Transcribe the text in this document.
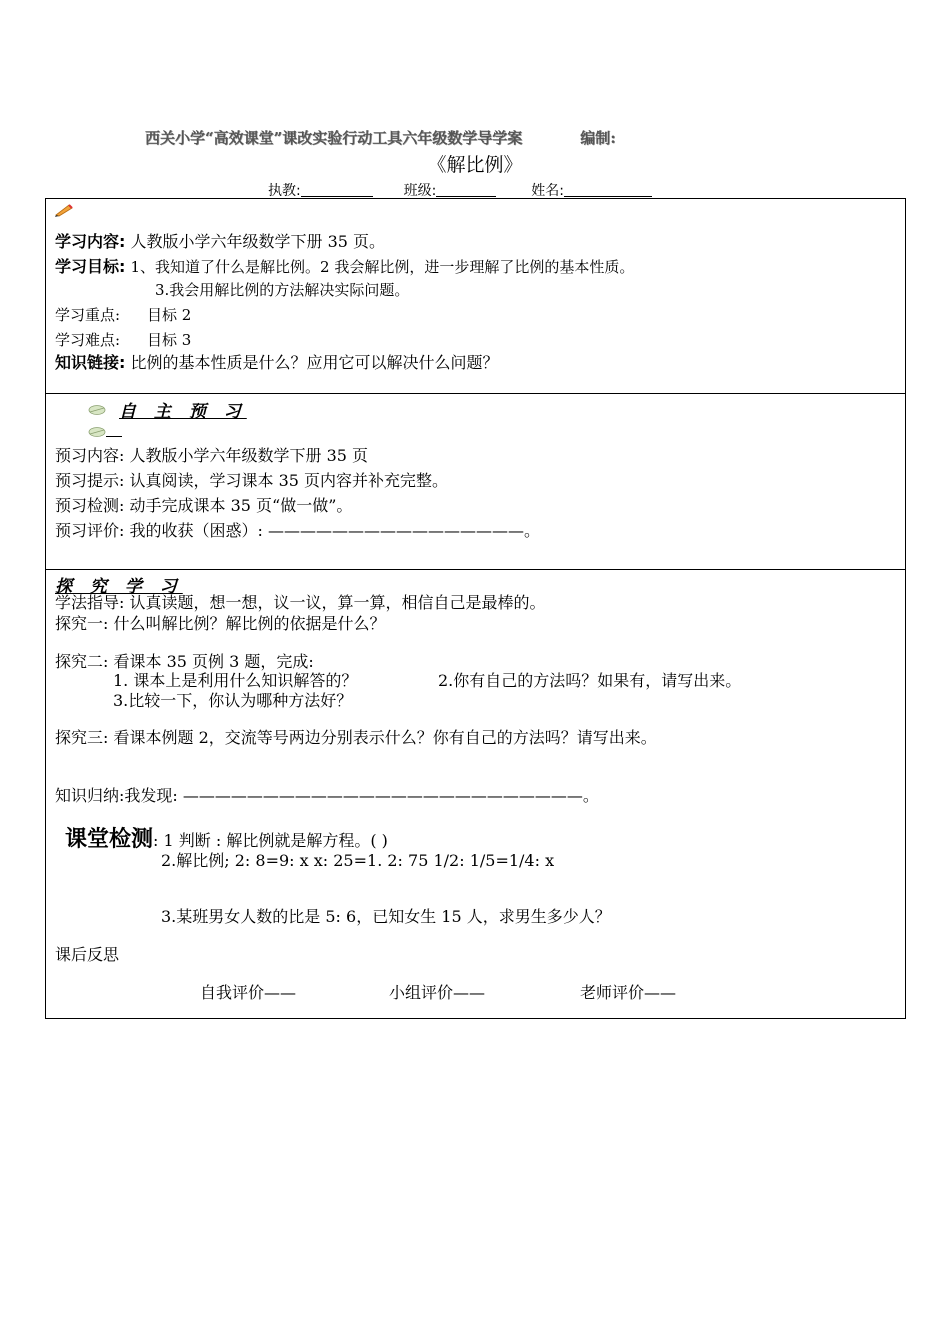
西关小学“高效课堂”课改实验行动工具六年级数学导学案	编制:
《解比例》
执教:	班级:	姓名:
学习内容: 人教版小学六年级数学下册 35 页。
学习目标: 1、我知道了什么是解比例。2 我会解比例，进一步理解了比例的基本性质。
3.我会用解比例的方法解决实际问题。
学习重点: 目标 2
学习难点: 目标 3
知识链接: 比例的基本性质是什么？应用它可以解决什么问题？

自 主 预 习
预习内容: 人教版小学六年级数学下册 35 页
预习提示: 认真阅读，学习课本 35 页内容并补充完整。
预习检测: 动手完成课本 35 页“做一做”。
预习评价: 我的收获（困惑）: ————————————————。

探 究 学 习
学法指导: 认真读题，想一想，议一议，算一算，相信自己是最棒的。
探究一: 什么叫解比例？解比例的依据是什么？
探究二: 看课本 35 页例 3 题，完成:
1. 课本上是利用什么知识解答的？	2.你有自己的方法吗？如果有，请写出来。
3.比较一下，你认为哪种方法好？
探究三: 看课本例题 2，交流等号两边分别表示什么？你有自己的方法吗？请写出来。
知识归纳:我发现: —————————————————————————。
课堂检测: 1 判断 : 解比例就是解方程。( )
2.解比例; 2: 8=9: x x: 25=1. 2: 75 1/2: 1/5=1/4: x
3.某班男女人数的比是 5: 6，已知女生 15 人，求男生多少人？
课后反思
自我评价——	小组评价——	老师评价——
